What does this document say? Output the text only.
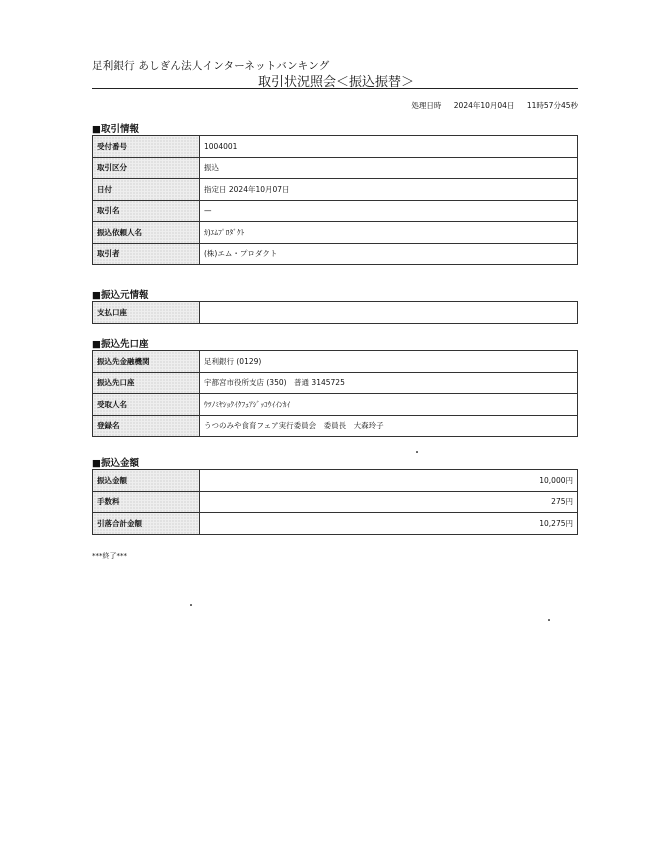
足利銀行 あしぎん法人インターネットバンキング
取引状況照会＜振込振替＞
処理日時 2024年10月04日 11時57分45秒
■取引情報
受付番号	1004001
取引区分	振込
日付	指定日 2024年10月07日
取引名	—
振込依頼人名	ｶ)ｴﾑﾌﾟﾛﾀﾞｸﾄ
取引者	(株)エム・プロダクト
■振込元情報
支払口座	
■振込先口座
振込先金融機関	足利銀行 (0129)
振込先口座	宇都宮市役所支店 (350)　普通 3145725
受取人名	ｳﾂﾉﾐﾔｼｮｸｲｸﾌｪｱｼﾞｯｺｳｲｲﾝｶｲ
登録名	うつのみや食育フェア実行委員会　委員長　大森玲子
■振込金額
振込金額	10,000円
手数料	275円
引落合計金額	10,275円
***終了***
